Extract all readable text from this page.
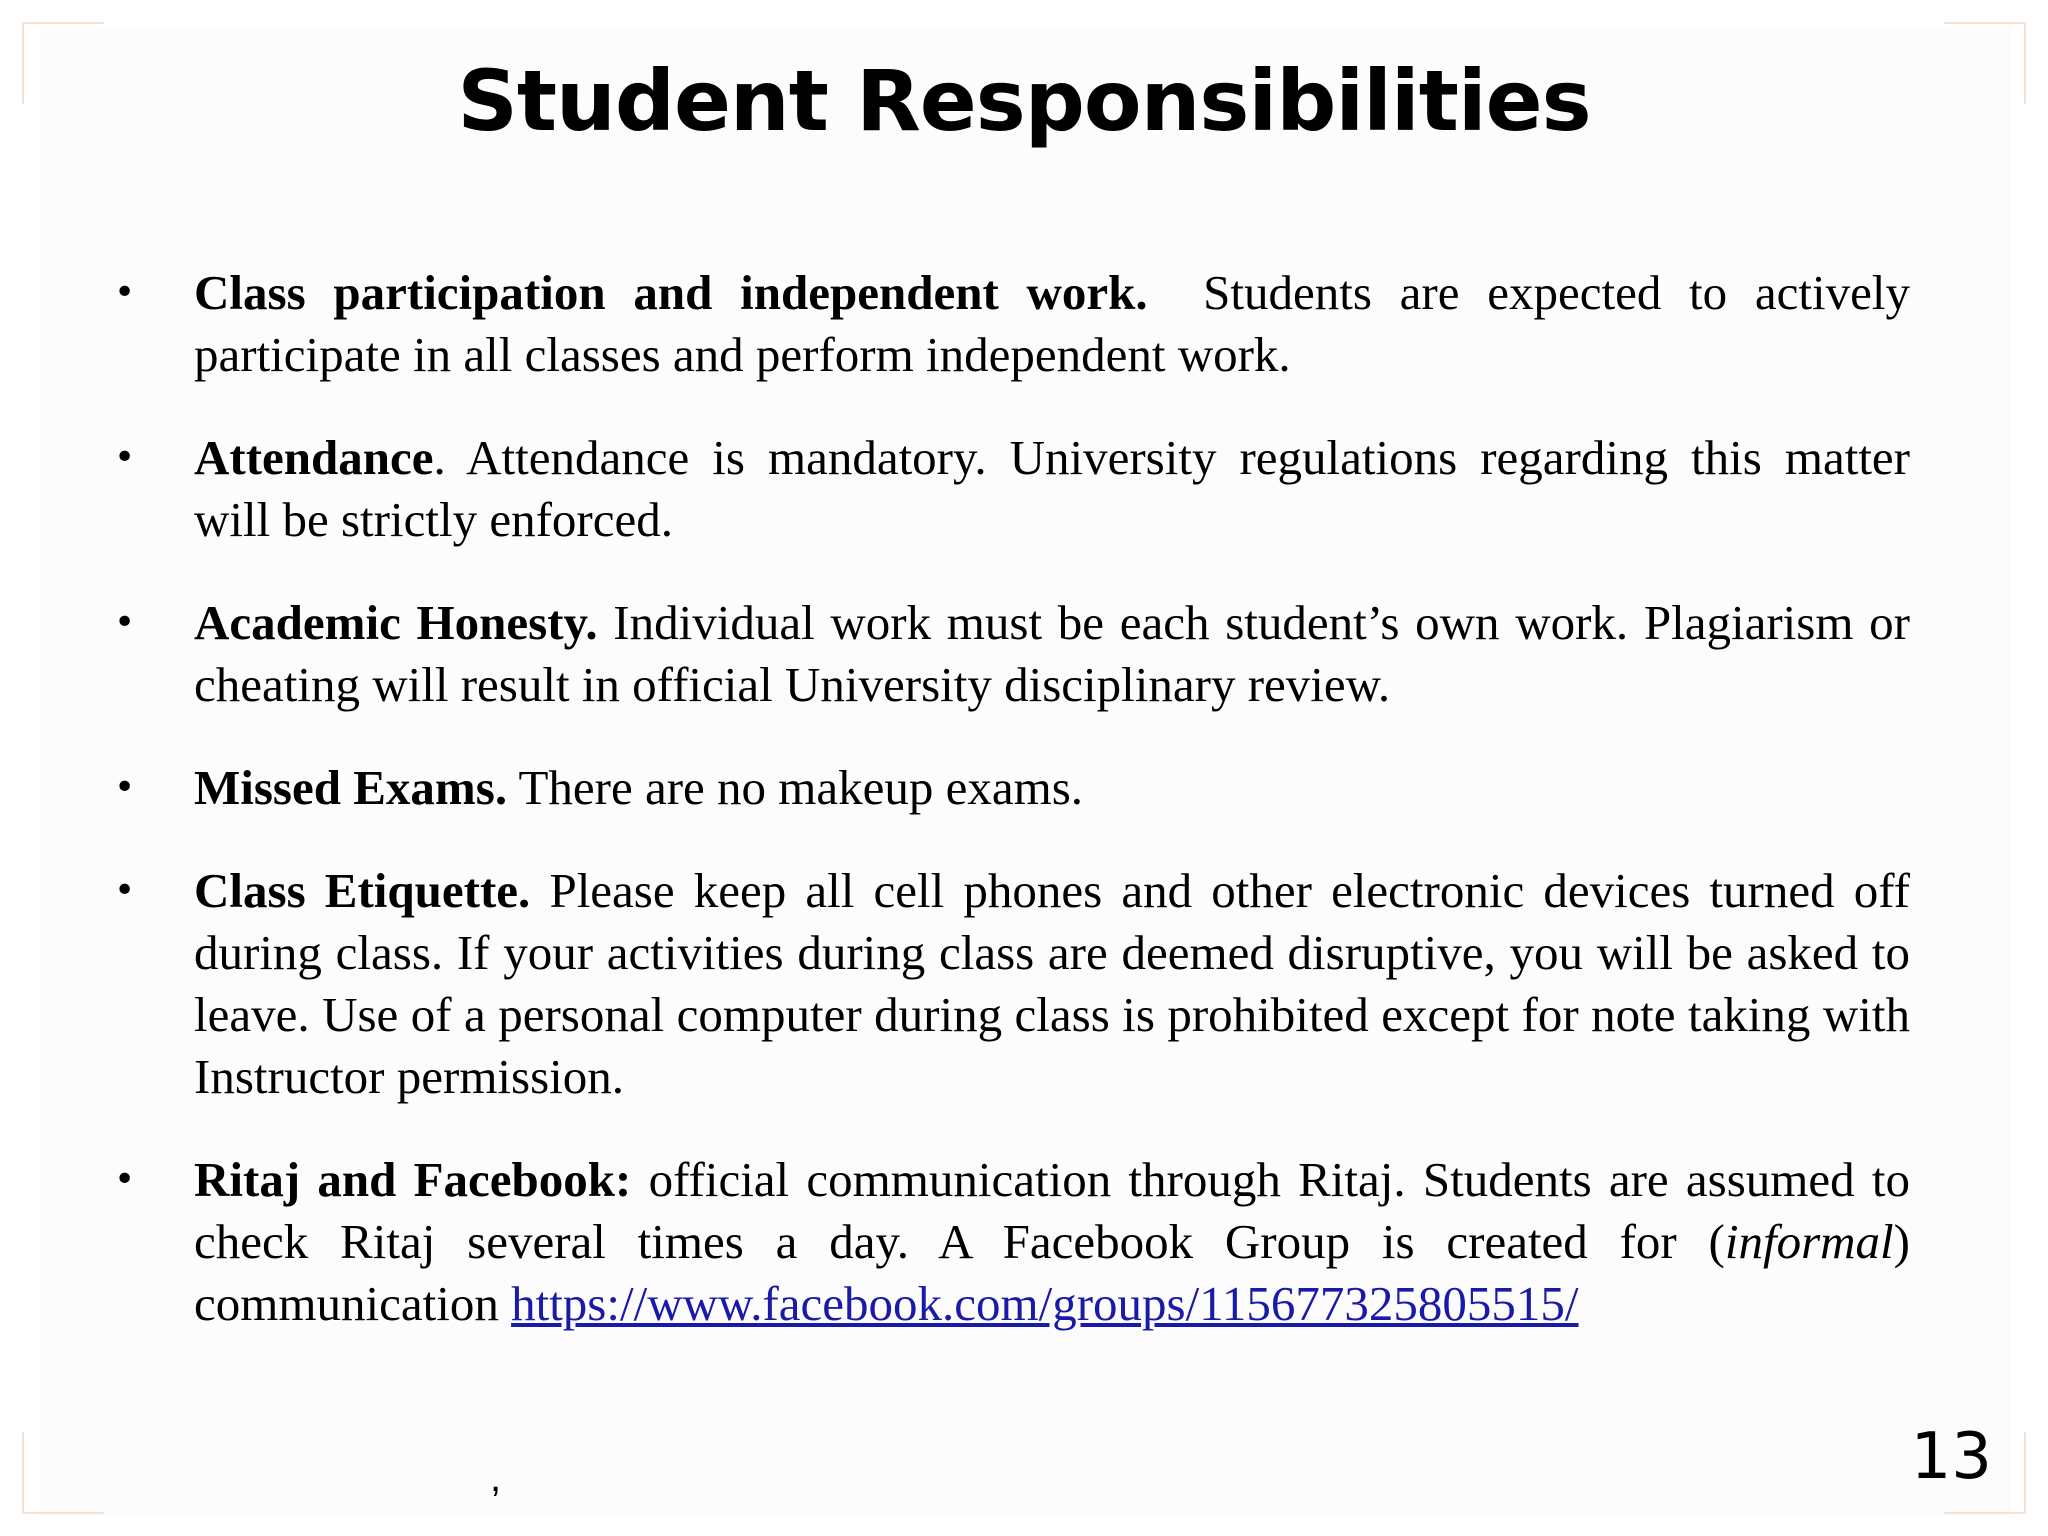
Student Responsibilities
• Class participation and independent work. Students are expected to actively participate in all classes and perform independent work.
• Attendance. Attendance is mandatory. University regulations regarding this matter will be strictly enforced.
• Academic Honesty. Individual work must be each student’s own work. Plagiarism or cheating will result in official University disciplinary review.
• Missed Exams. There are no makeup exams.
• Class Etiquette. Please keep all cell phones and other electronic devices turned off during class. If your activities during class are deemed disruptive, you will be asked to leave. Use of a personal computer during class is prohibited except for note taking with Instructor permission.
• Ritaj and Facebook: official communication through Ritaj. Students are assumed to check Ritaj several times a day. A Facebook Group is created for (informal) communication https://www.facebook.com/groups/115677325805515/
,	13
